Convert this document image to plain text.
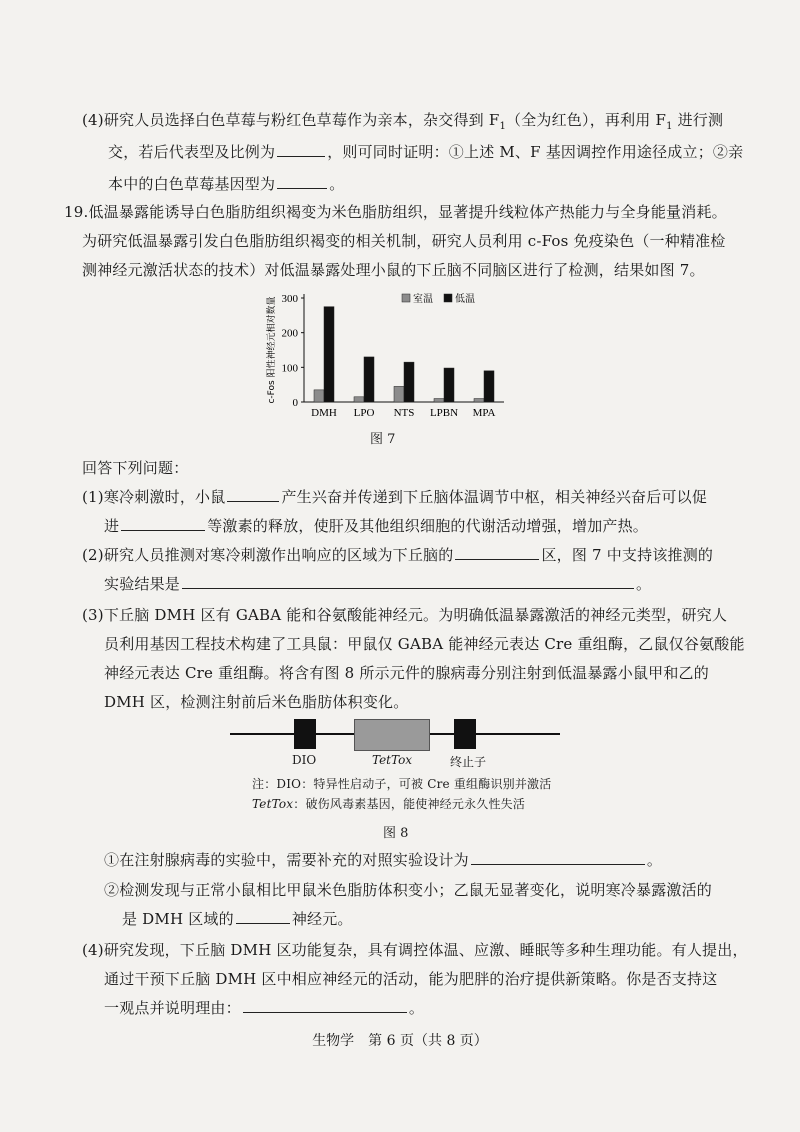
(4)研究人员选择白色草莓与粉红色草莓作为亲本，杂交得到 $F_1$（全为红色），再利用 $F_1$ 进行测
交，若后代表型及比例为	，则可同时证明：①上述 M、F 基因调控作用途径成立；②亲
本中的白色草莓基因型为	。
19.低温暴露能诱导白色脂肪组织褐变为米色脂肪组织，显著提升线粒体产热能力与全身能量消耗。
为研究低温暴露引发白色脂肪组织褐变的相关机制，研究人员利用 c-Fos 免疫染色（一种精准检
测神经元激活状态的技术）对低温暴露处理小鼠的下丘脑不同脑区进行了检测，结果如图 7。
0
100
200
300
c-Fos 阳性神经元相对数量
DMH LPO NTS LPBN MPA
室温 低温
图 7
回答下列问题：
(1)寒冷刺激时，小鼠	产生兴奋并传递到下丘脑体温调节中枢，相关神经兴奋后可以促
进	等激素的释放，使肝及其他组织细胞的代谢活动增强，增加产热。
(2)研究人员推测对寒冷刺激作出响应的区域为下丘脑的	区，图 7 中支持该推测的
实验结果是	。
(3)下丘脑 DMH 区有 GABA 能和谷氨酸能神经元。为明确低温暴露激活的神经元类型，研究人
员利用基因工程技术构建了工具鼠：甲鼠仅 GABA 能神经元表达 Cre 重组酶，乙鼠仅谷氨酸能
神经元表达 Cre 重组酶。将含有图 8 所示元件的腺病毒分别注射到低温暴露小鼠甲和乙的
DMH 区，检测注射前后米色脂肪体积变化。
DIO	TetTox	终止子
注：DIO：特异性启动子，可被 Cre 重组酶识别并激活
TetTox：破伤风毒素基因，能使神经元永久性失活
图 8
①在注射腺病毒的实验中，需要补充的对照实验设计为	。
②检测发现与正常小鼠相比甲鼠米色脂肪体积变小；乙鼠无显著变化，说明寒冷暴露激活的
是 DMH 区域的	神经元。
(4)研究发现，下丘脑 DMH 区功能复杂，具有调控体温、应激、睡眠等多种生理功能。有人提出，
通过干预下丘脑 DMH 区中相应神经元的活动，能为肥胖的治疗提供新策略。你是否支持这
一观点并说明理由：	。
生物学　第 6 页（共 8 页）
